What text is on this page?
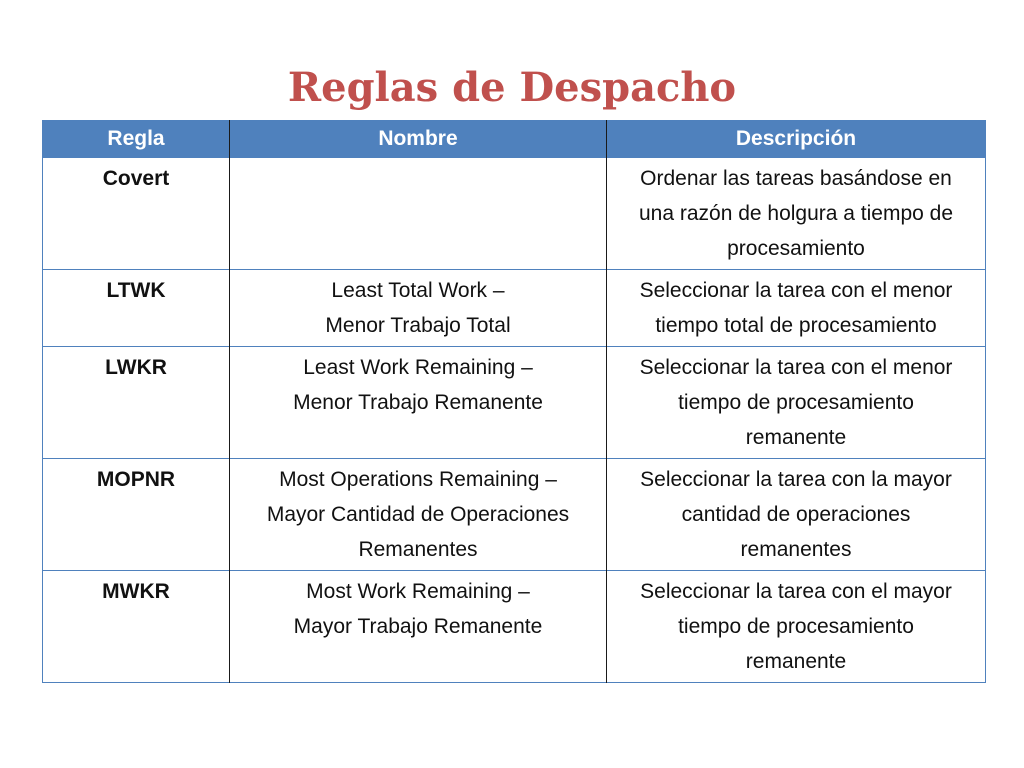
Reglas de Despacho
Regla	Nombre	Descripción
Covert		Ordenar las tareas basándose en
una razón de holgura a tiempo de
procesamiento

LTWK	Least Total Work –
Menor Trabajo Total	Seleccionar la tarea con el menor
tiempo total de procesamiento

LWKR	Least Work Remaining –
Menor Trabajo Remanente	Seleccionar la tarea con el menor
tiempo de procesamiento
remanente

MOPNR	Most Operations Remaining –
Mayor Cantidad de Operaciones
Remanentes	Seleccionar la tarea con la mayor
cantidad de operaciones
remanentes

MWKR	Most Work Remaining –
Mayor Trabajo Remanente	Seleccionar la tarea con el mayor
tiempo de procesamiento
remanente
